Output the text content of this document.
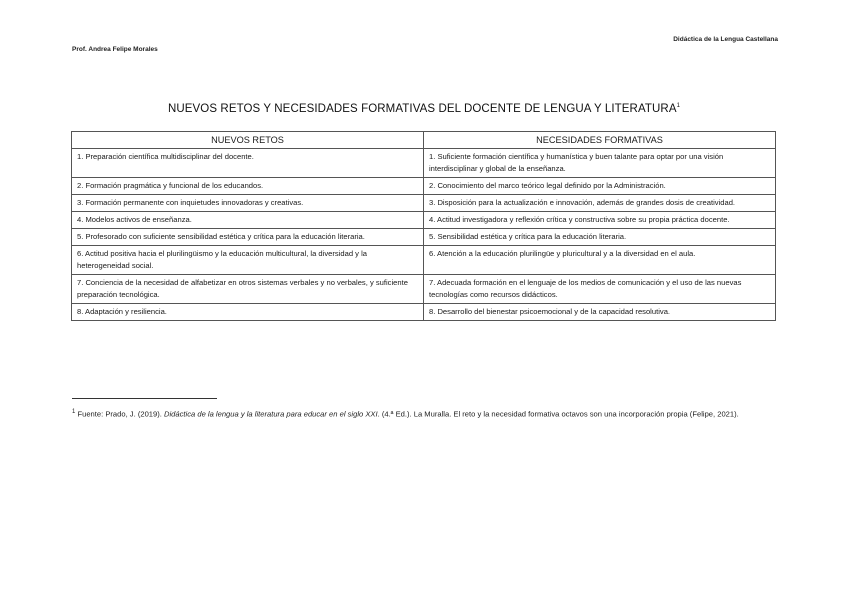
Didáctica de la Lengua Castellana
Prof. Andrea Felipe Morales
NUEVOS RETOS Y NECESIDADES FORMATIVAS DEL DOCENTE DE LENGUA Y LITERATURA$^1$
NUEVOS RETOS	NECESIDADES FORMATIVAS
1. Preparación científica multidisciplinar del docente.	1. Suficiente formación científica y humanística y buen talante para optar por una visión interdisciplinar y global de la enseñanza.
2. Formación pragmática y funcional de los educandos.	2. Conocimiento del marco teórico legal definido por la Administración.
3. Formación permanente con inquietudes innovadoras y creativas.	3. Disposición para la actualización e innovación, además de grandes dosis de creatividad.
4. Modelos activos de enseñanza.	4. Actitud investigadora y reflexión crítica y constructiva sobre su propia práctica docente.
5. Profesorado con suficiente sensibilidad estética y crítica para la educación literaria.	5. Sensibilidad estética y crítica para la educación literaria.
6. Actitud positiva hacia el plurilingüismo y la educación multicultural, la diversidad y la heterogeneidad social.	6. Atención a la educación plurilingüe y pluricultural y a la diversidad en el aula.
7. Conciencia de la necesidad de alfabetizar en otros sistemas verbales y no verbales, y suficiente preparación tecnológica.	7. Adecuada formación en el lenguaje de los medios de comunicación y el uso de las nuevas tecnologías como recursos didácticos.
8. Adaptación y resiliencia.	8. Desarrollo del bienestar psicoemocional y de la capacidad resolutiva.
$^1$ Fuente: Prado, J. (2019). Didáctica de la lengua y la literatura para educar en el siglo XXI. (4.ª Ed.). La Muralla. El reto y la necesidad formativa octavos son una incorporación propia (Felipe, 2021).
